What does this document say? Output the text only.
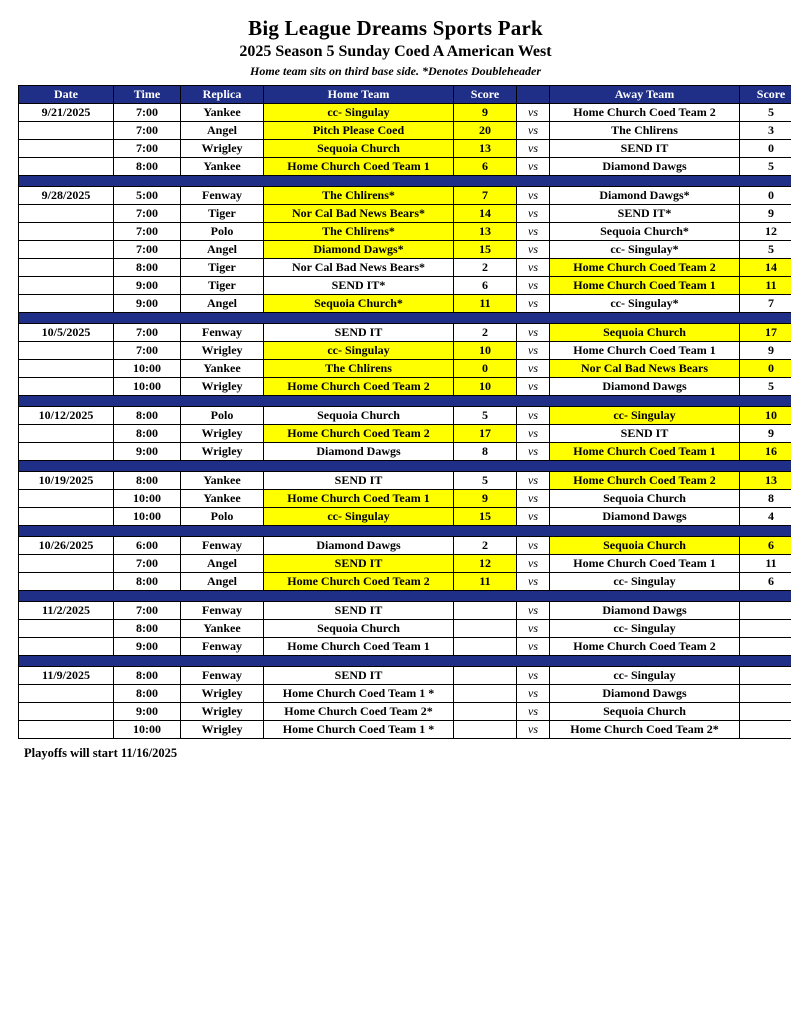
Big League Dreams Sports Park
2025 Season 5 Sunday Coed A American West
Home team sits on third base side. *Denotes Doubleheader
Date	Time	Replica	Home Team	Score		Away Team	Score
9/21/2025	7:00	Yankee	cc- Singulay	9	vs	Home Church Coed Team 2	5
	7:00	Angel	Pitch Please Coed	20	vs	The Chlirens	3
	7:00	Wrigley	Sequoia Church	13	vs	SEND IT	0
	8:00	Yankee	Home Church Coed Team 1	6	vs	Diamond Dawgs	5

9/28/2025	5:00	Fenway	The Chlirens*	7	vs	Diamond Dawgs*	0
	7:00	Tiger	Nor Cal Bad News Bears*	14	vs	SEND IT*	9
	7:00	Polo	The Chlirens*	13	vs	Sequoia Church*	12
	7:00	Angel	Diamond Dawgs*	15	vs	cc- Singulay*	5
	8:00	Tiger	Nor Cal Bad News Bears*	2	vs	Home Church Coed Team 2	14
	9:00	Tiger	SEND IT*	6	vs	Home Church Coed Team 1	11
	9:00	Angel	Sequoia Church*	11	vs	cc- Singulay*	7

10/5/2025	7:00	Fenway	SEND IT	2	vs	Sequoia Church	17
	7:00	Wrigley	cc- Singulay	10	vs	Home Church Coed Team 1	9
	10:00	Yankee	The Chlirens	0	vs	Nor Cal Bad News Bears	0
	10:00	Wrigley	Home Church Coed Team 2	10	vs	Diamond Dawgs	5

10/12/2025	8:00	Polo	Sequoia Church	5	vs	cc- Singulay	10
	8:00	Wrigley	Home Church Coed Team 2	17	vs	SEND IT	9
	9:00	Wrigley	Diamond Dawgs	8	vs	Home Church Coed Team 1	16

10/19/2025	8:00	Yankee	SEND IT	5	vs	Home Church Coed Team 2	13
	10:00	Yankee	Home Church Coed Team 1	9	vs	Sequoia Church	8
	10:00	Polo	cc- Singulay	15	vs	Diamond Dawgs	4

10/26/2025	6:00	Fenway	Diamond Dawgs	2	vs	Sequoia Church	6
	7:00	Angel	SEND IT	12	vs	Home Church Coed Team 1	11
	8:00	Angel	Home Church Coed Team 2	11	vs	cc- Singulay	6

11/2/2025	7:00	Fenway	SEND IT		vs	Diamond Dawgs	
	8:00	Yankee	Sequoia Church		vs	cc- Singulay	
	9:00	Fenway	Home Church Coed Team 1		vs	Home Church Coed Team 2	

11/9/2025	8:00	Fenway	SEND IT		vs	cc- Singulay	
	8:00	Wrigley	Home Church Coed Team 1 *		vs	Diamond Dawgs	
	9:00	Wrigley	Home Church Coed Team 2*		vs	Sequoia Church	
	10:00	Wrigley	Home Church Coed Team 1 *		vs	Home Church Coed Team 2*	
Playoffs will start 11/16/2025
